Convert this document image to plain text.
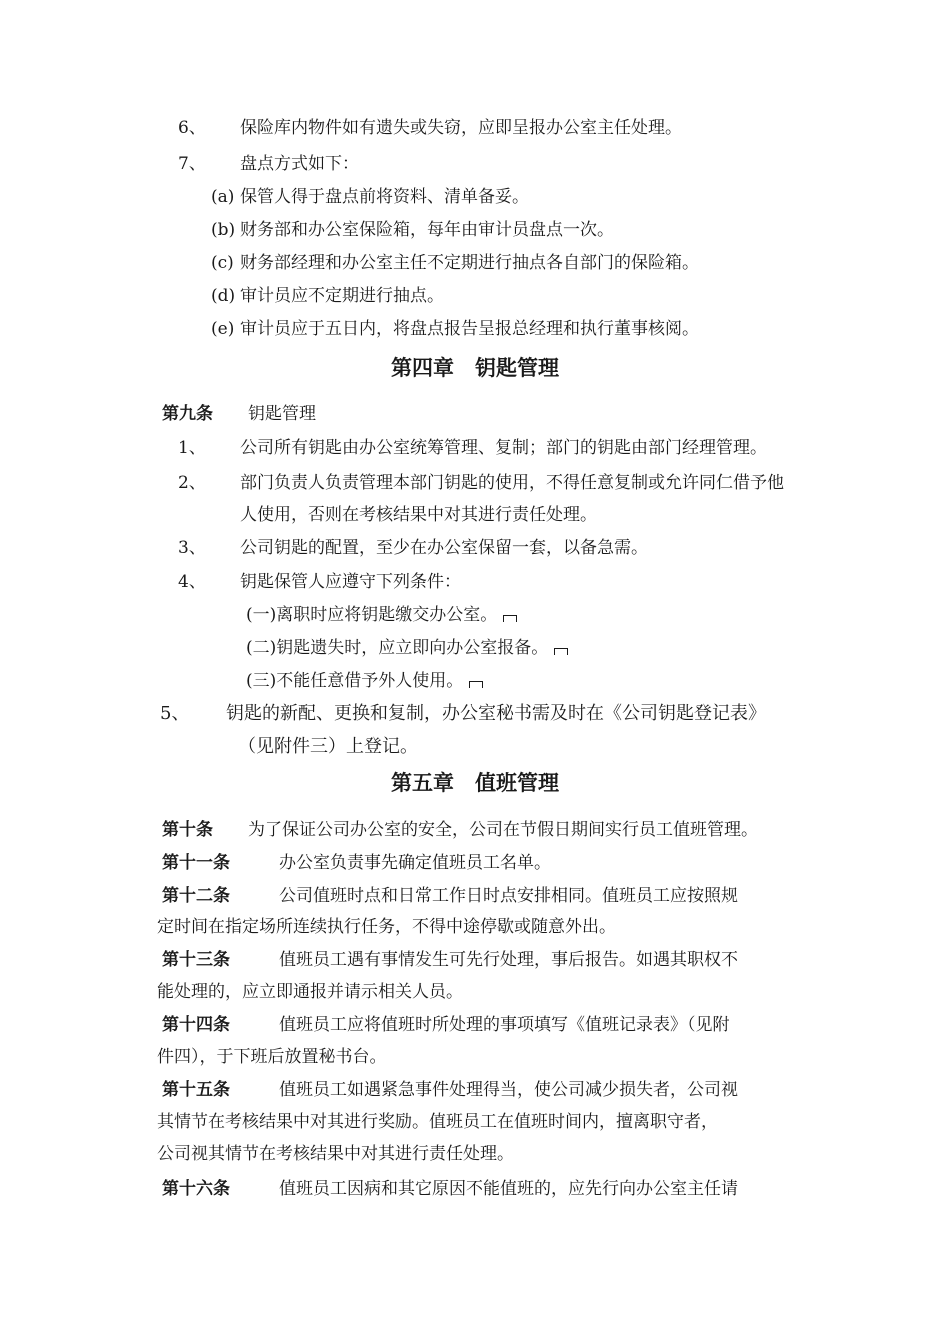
6、 保险库内物件如有遗失或失窃，应即呈报办公室主任处理。
7、 盘点方式如下：
(a) 保管人得于盘点前将资料、清单备妥。
(b) 财务部和办公室保险箱，每年由审计员盘点一次。
(c) 财务部经理和办公室主任不定期进行抽点各自部门的保险箱。
(d) 审计员应不定期进行抽点。
(e) 审计员应于五日内，将盘点报告呈报总经理和执行董事核阅。
第四章　钥匙管理
第九条 钥匙管理
1、 公司所有钥匙由办公室统筹管理、复制；部门的钥匙由部门经理管理。
2、 部门负责人负责管理本部门钥匙的使用，不得任意复制或允许同仁借予他
人使用，否则在考核结果中对其进行责任处理。
3、 公司钥匙的配置，至少在办公室保留一套，以备急需。
4、 钥匙保管人应遵守下列条件：
(一)离职时应将钥匙缴交办公室。
(二)钥匙遗失时，应立即向办公室报备。
(三)不能任意借予外人使用。
5、 钥匙的新配、更换和复制，办公室秘书需及时在《公司钥匙登记表》
（见附件三）上登记。
第五章　值班管理
第十条 为了保证公司办公室的安全，公司在节假日期间实行员工值班管理。
第十一条	办公室负责事先确定值班员工名单。
第十二条	公司值班时点和日常工作日时点安排相同。值班员工应按照规
定时间在指定场所连续执行任务，不得中途停歇或随意外出。
第十三条	值班员工遇有事情发生可先行处理，事后报告。如遇其职权不
能处理的，应立即通报并请示相关人员。
第十四条	值班员工应将值班时所处理的事项填写《值班记录表》（见附
件四），于下班后放置秘书台。
第十五条	值班员工如遇紧急事件处理得当，使公司减少损失者，公司视
其情节在考核结果中对其进行奖励。值班员工在值班时间内，擅离职守者，
公司视其情节在考核结果中对其进行责任处理。
第十六条	值班员工因病和其它原因不能值班的，应先行向办公室主任请
